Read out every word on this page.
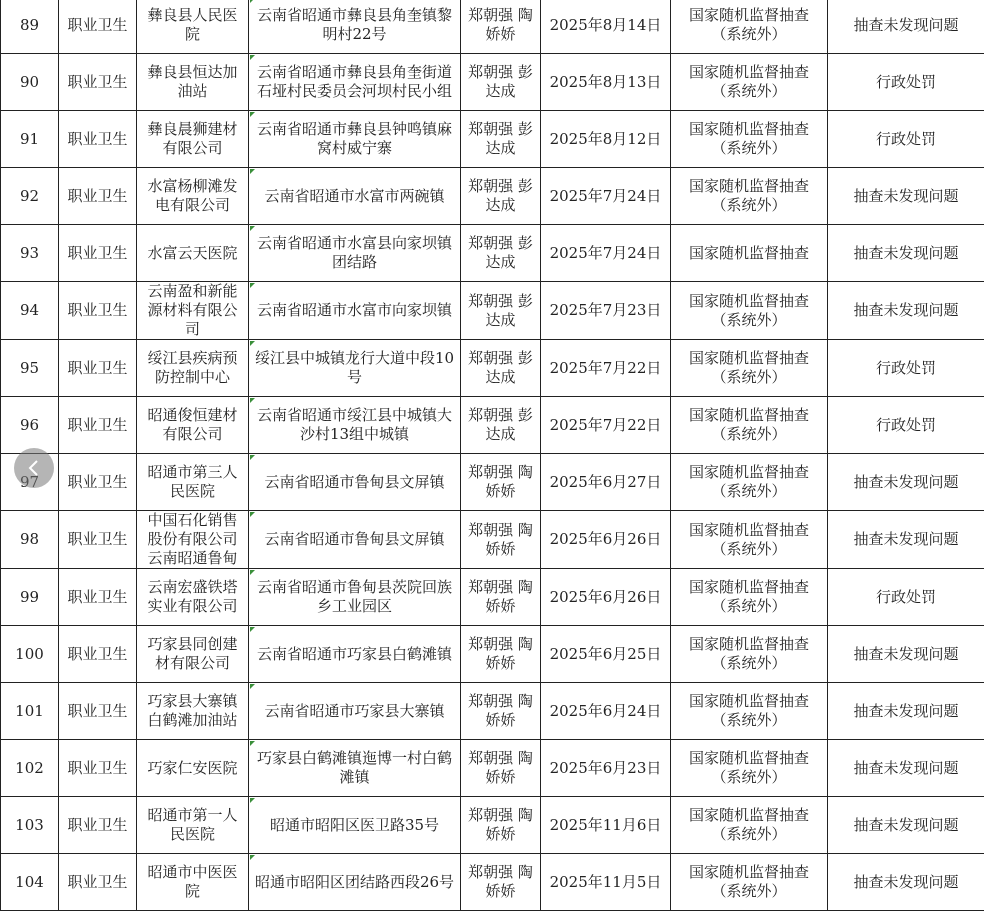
89	职业卫生	彝良县人民医院	云南省昭通市彝良县角奎镇黎明村22号	郑朝强 陶娇娇	2025年8月14日	国家随机监督抽查（系统外）	抽查未发现问题
90	职业卫生	彝良县恒达加油站	云南省昭通市彝良县角奎街道石垭村民委员会河坝村民小组	郑朝强 彭达成	2025年8月13日	国家随机监督抽查（系统外）	行政处罚
91	职业卫生	彝良晨狮建材有限公司	云南省昭通市彝良县钟鸣镇麻窝村威宁寨	郑朝强 彭达成	2025年8月12日	国家随机监督抽查（系统外）	行政处罚
92	职业卫生	水富杨柳滩发电有限公司	云南省昭通市水富市两碗镇	郑朝强 彭达成	2025年7月24日	国家随机监督抽查（系统外）	抽查未发现问题
93	职业卫生	水富云天医院	云南省昭通市水富县向家坝镇团结路	郑朝强 彭达成	2025年7月24日	国家随机监督抽查	抽查未发现问题
94	职业卫生	云南盈和新能源材料有限公司	云南省昭通市水富市向家坝镇	郑朝强 彭达成	2025年7月23日	国家随机监督抽查（系统外）	抽查未发现问题
95	职业卫生	绥江县疾病预防控制中心	绥江县中城镇龙行大道中段10号	郑朝强 彭达成	2025年7月22日	国家随机监督抽查（系统外）	行政处罚
96	职业卫生	昭通俊恒建材有限公司	云南省昭通市绥江县中城镇大沙村13组中城镇	郑朝强 彭达成	2025年7月22日	国家随机监督抽查（系统外）	行政处罚
	职业卫生	昭通市第三人民医院	云南省昭通市鲁甸县文屏镇	郑朝强 陶娇娇	2025年6月27日	国家随机监督抽查（系统外）	抽查未发现问题
98	职业卫生	中国石化销售股份有限公司云南昭通鲁甸	云南省昭通市鲁甸县文屏镇	郑朝强 陶娇娇	2025年6月26日	国家随机监督抽查（系统外）	抽查未发现问题
99	职业卫生	云南宏盛铁塔实业有限公司	云南省昭通市鲁甸县茨院回族乡工业园区	郑朝强 陶娇娇	2025年6月26日	国家随机监督抽查（系统外）	行政处罚
100	职业卫生	巧家县同创建材有限公司	云南省昭通市巧家县白鹤滩镇	郑朝强 陶娇娇	2025年6月25日	国家随机监督抽查（系统外）	抽查未发现问题
101	职业卫生	巧家县大寨镇白鹤滩加油站	云南省昭通市巧家县大寨镇	郑朝强 陶娇娇	2025年6月24日	国家随机监督抽查（系统外）	抽查未发现问题
102	职业卫生	巧家仁安医院	巧家县白鹤滩镇迤博一村白鹤滩镇	郑朝强 陶娇娇	2025年6月23日	国家随机监督抽查（系统外）	抽查未发现问题
103	职业卫生	昭通市第一人民医院	昭通市昭阳区医卫路35号	郑朝强 陶娇娇	2025年11月6日	国家随机监督抽查（系统外）	抽查未发现问题
104	职业卫生	昭通市中医医院	昭通市昭阳区团结路西段26号	郑朝强 陶娇娇	2025年11月5日	国家随机监督抽查（系统外）	抽查未发现问题
